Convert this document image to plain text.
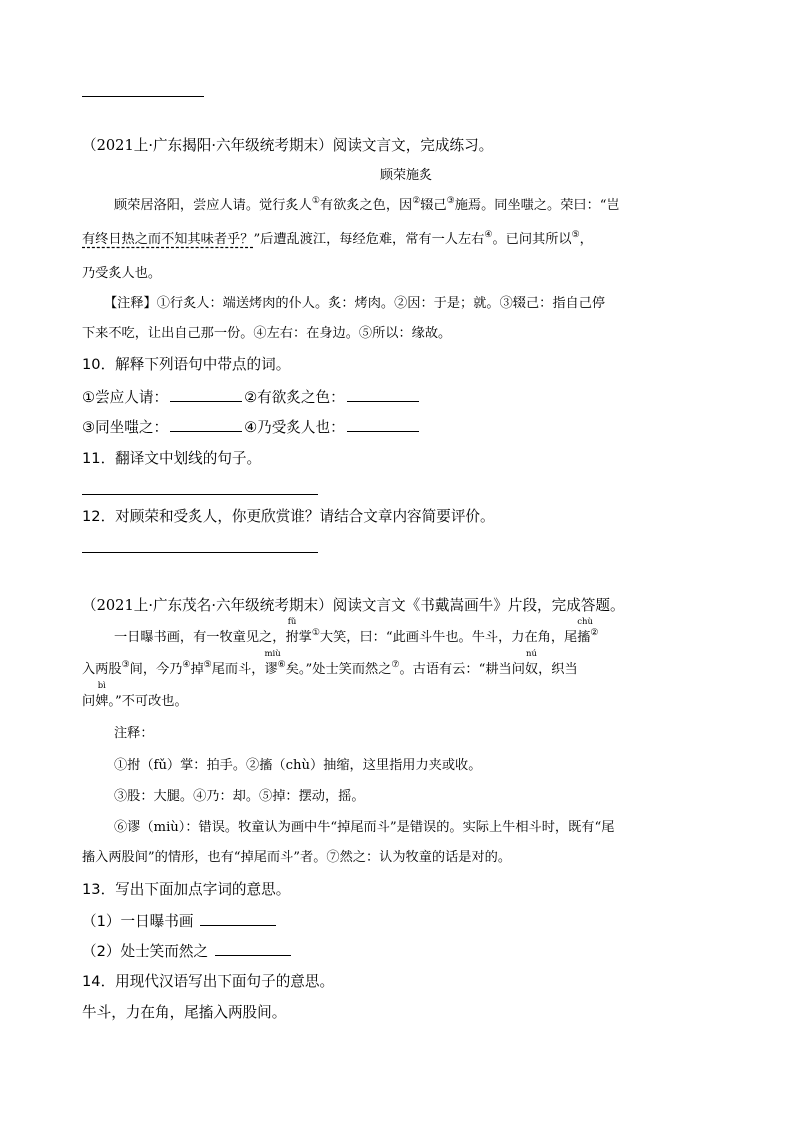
（2021上·广东揭阳·六年级统考期末）阅读文言文，完成练习。
顾荣施炙
顾荣居洛阳，尝应人请。觉行炙人①有欲炙之色，因②辍己③施焉。同坐嗤之。荣曰：“岂
有终日热之而不知其味者乎？”后遭乱渡江，每经危难，常有一人左右④。已问其所以⑤，
乃受炙人也。
【注释】①行炙人：端送烤肉的仆人。炙：烤肉。②因：于是；就。③辍己：指自己停
下来不吃，让出自己那一份。④左右：在身边。⑤所以：缘故。
10．解释下列语句中带点的词。
①尝应人请：	②有欲炙之色：
③同坐嗤之：	④乃受炙人也：
11．翻译文中划线的句子。
12．对顾荣和受炙人，你更欣赏谁？请结合文章内容简要评价。
（2021上·广东茂名·六年级统考期末）阅读文言文《书戴嵩画牛》片段，完成答题。
一日曝书画，有一牧童见之，
fǔ
拊掌①大笑，曰：“此画斗牛也。牛斗，力在角，尾
chù
搐②
入两股③间，今乃④掉⑤尾而斗，
miù
谬⑥矣。”处士笑而然之⑦。古语有云：“耕当问
nú
奴，织当
问
bì
婢。”不可改也。
注释：
①拊（fǔ）掌：拍手。②搐（chù）抽缩，这里指用力夹或收。
③股：大腿。④乃：却。⑤掉：摆动，摇。
⑥谬（miù）：错误。牧童认为画中牛“掉尾而斗”是错误的。实际上牛相斗时，既有“尾
搐入两股间”的情形，也有“掉尾而斗”者。⑦然之：认为牧童的话是对的。
13．写出下面加点字词的意思。
（1）一日曝书画
（2）处士笑而然之
14．用现代汉语写出下面句子的意思。
牛斗，力在角，尾搐入两股间。
